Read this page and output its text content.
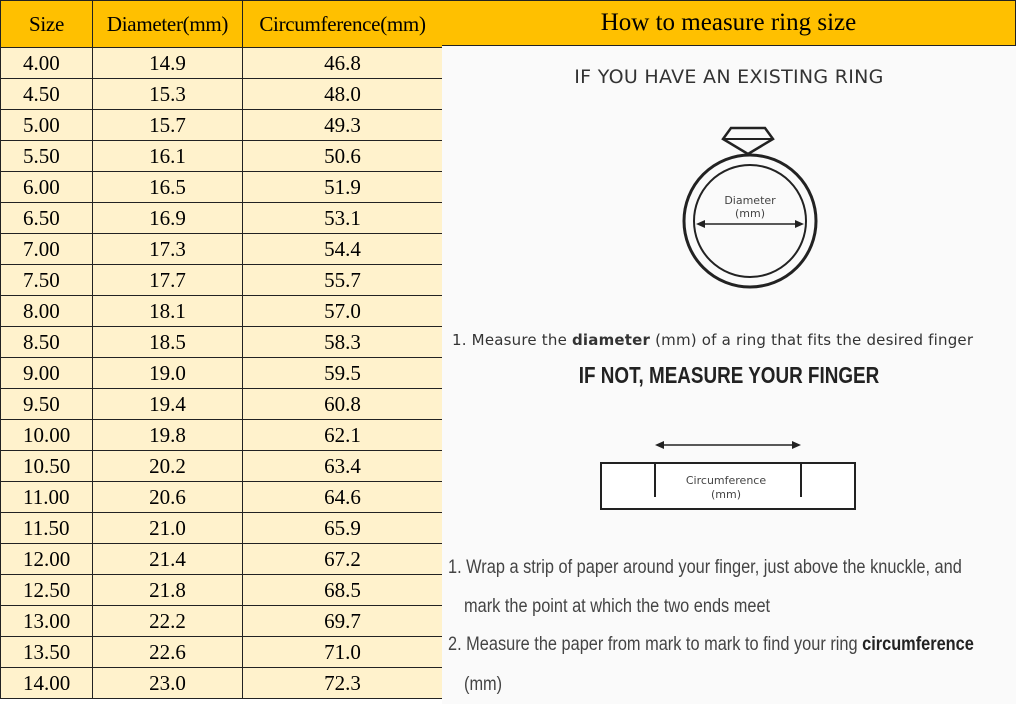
Size	Diameter(mm)	Circumference(mm)
4.00	14.9	46.8
4.50	15.3	48.0
5.00	15.7	49.3
5.50	16.1	50.6
6.00	16.5	51.9
6.50	16.9	53.1
7.00	17.3	54.4
7.50	17.7	55.7
8.00	18.1	57.0
8.50	18.5	58.3
9.00	19.0	59.5
9.50	19.4	60.8
10.00	19.8	62.1
10.50	20.2	63.4
11.00	20.6	64.6
11.50	21.0	65.9
12.00	21.4	67.2
12.50	21.8	68.5
13.00	22.2	69.7
13.50	22.6	71.0
14.00	23.0	72.3
How to measure ring size
IF YOU HAVE AN EXISTING RING
Diameter
(mm)
1. Measure the diameter (mm) of a ring that fits the desired finger
IF NOT, MEASURE YOUR FINGER
Circumference
(mm)
1. Wrap a strip of paper around your finger, just above the knuckle, and
mark the point at which the two ends meet
2. Measure the paper from mark to mark to find your ring circumference
(mm)
